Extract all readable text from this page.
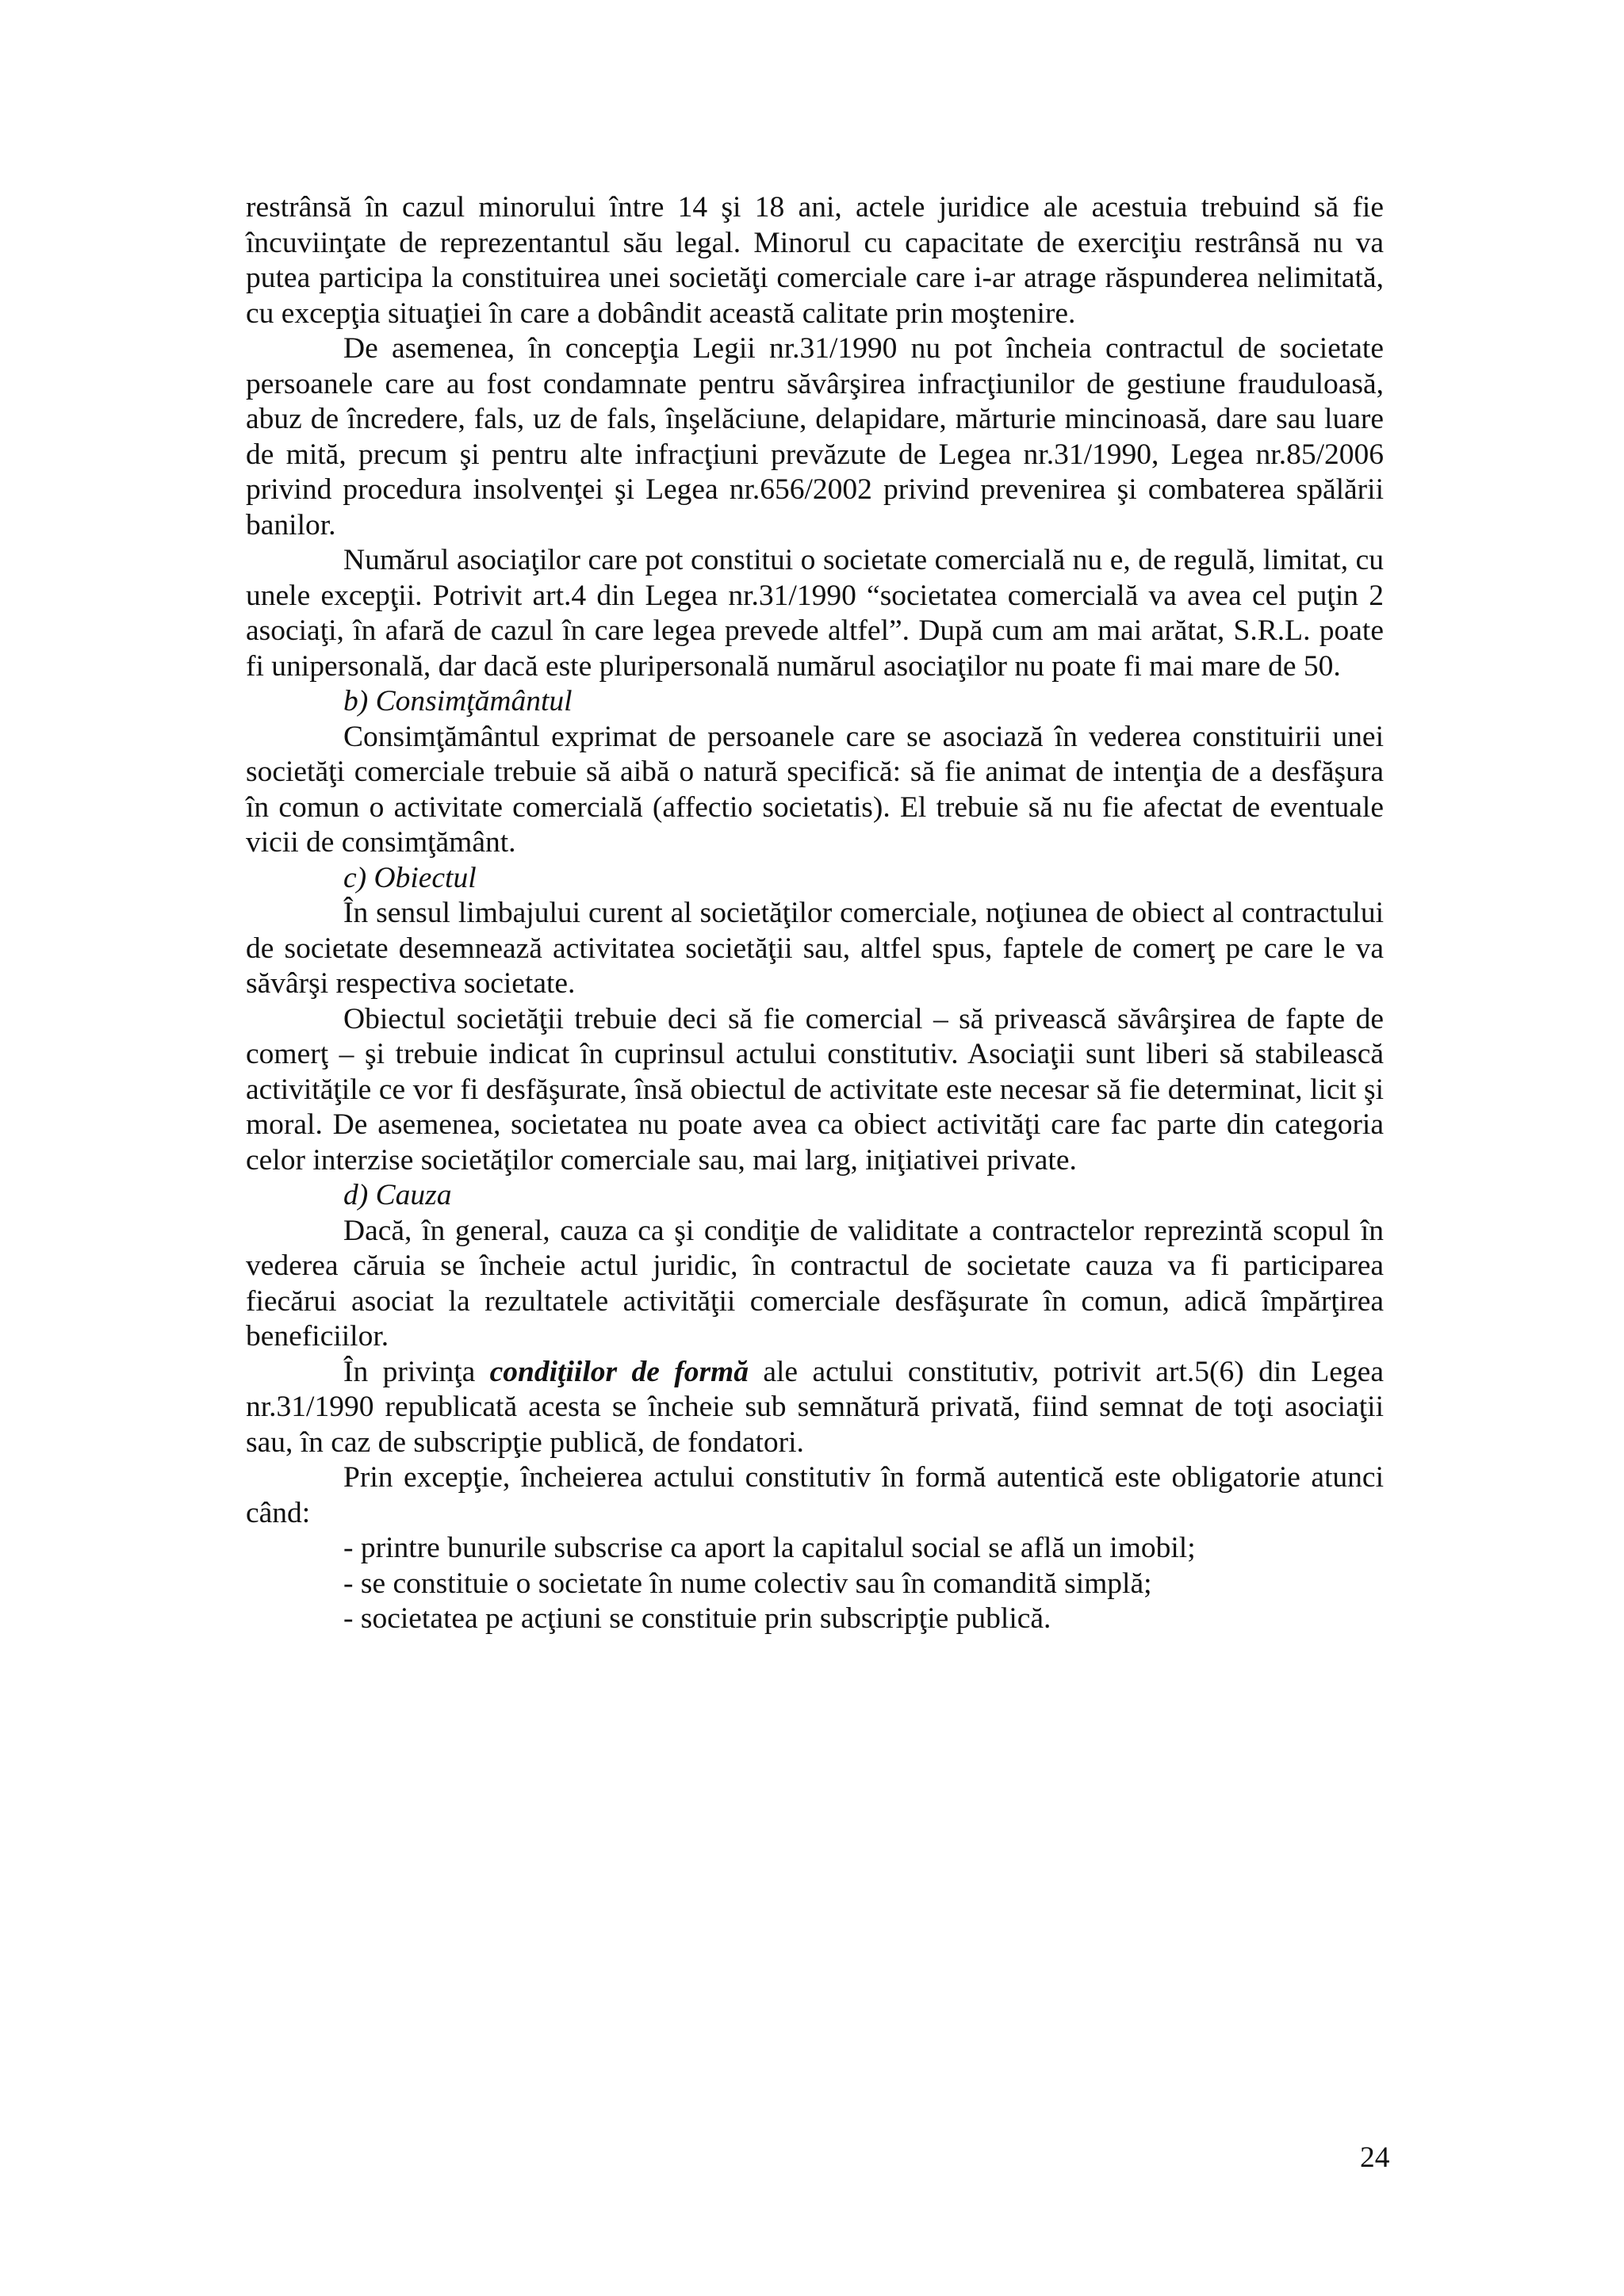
restrânsă în cazul minorului între 14 şi 18 ani, actele juridice ale acestuia trebuind să fie încuviinţate de reprezentantul său legal. Minorul cu capacitate de exerciţiu restrânsă nu va putea participa la constituirea unei societăţi comerciale care i-ar atrage răspunderea nelimitată, cu excepţia situaţiei în care a dobândit această calitate prin moştenire.

De asemenea, în concepţia Legii nr.31/1990 nu pot încheia contractul de societate persoanele care au fost condamnate pentru săvârşirea infracţiunilor de gestiune frauduloasă, abuz de încredere, fals, uz de fals, înşelăciune, delapidare, mărturie mincinoasă, dare sau luare de mită, precum şi pentru alte infracţiuni prevăzute de Legea nr.31/1990, Legea nr.85/2006 privind procedura insolvenţei şi Legea nr.656/2002 privind prevenirea şi combaterea spălării banilor.

Numărul asociaţilor care pot constitui o societate comercială nu e, de regulă, limitat, cu unele excepţii. Potrivit art.4 din Legea nr.31/1990 “societatea comercială va avea cel puţin 2 asociaţi, în afară de cazul în care legea prevede altfel”. După cum am mai arătat, S.R.L. poate fi unipersonală, dar dacă este pluripersonală numărul asociaţilor nu poate fi mai mare de 50.

b) Consimţământul

Consimţământul exprimat de persoanele care se asociază în vederea constituirii unei societăţi comerciale trebuie să aibă o natură specifică: să fie animat de intenţia de a desfăşura în comun o activitate comercială (affectio societatis). El trebuie să nu fie afectat de eventuale vicii de consimţământ.

c) Obiectul

În sensul limbajului curent al societăţilor comerciale, noţiunea de obiect al contractului de societate desemnează activitatea societăţii sau, altfel spus, faptele de comerţ pe care le va săvârşi respectiva societate.

Obiectul societăţii trebuie deci să fie comercial – să privească săvârşirea de fapte de comerţ – şi trebuie indicat în cuprinsul actului constitutiv. Asociaţii sunt liberi să stabilească activităţile ce vor fi desfăşurate, însă obiectul de activitate este necesar să fie determinat, licit şi moral. De asemenea, societatea nu poate avea ca obiect activităţi care fac parte din categoria celor interzise societăţilor comerciale sau, mai larg, iniţiativei private.

d) Cauza

Dacă, în general, cauza ca şi condiţie de validitate a contractelor reprezintă scopul în vederea căruia se încheie actul juridic, în contractul de societate cauza va fi participarea fiecărui asociat la rezultatele activităţii comerciale desfăşurate în comun, adică împărţirea beneficiilor.

În privinţa condiţiilor de formă ale actului constitutiv, potrivit art.5(6) din Legea nr.31/1990 republicată acesta se încheie sub semnătură privată, fiind semnat de toţi asociaţii sau, în caz de subscripţie publică, de fondatori.

Prin excepţie, încheierea actului constitutiv în formă autentică este obligatorie atunci când:

- printre bunurile subscrise ca aport la capitalul social se află un imobil;

- se constituie o societate în nume colectiv sau în comandită simplă;

- societatea pe acţiuni se constituie prin subscripţie publică.

24
